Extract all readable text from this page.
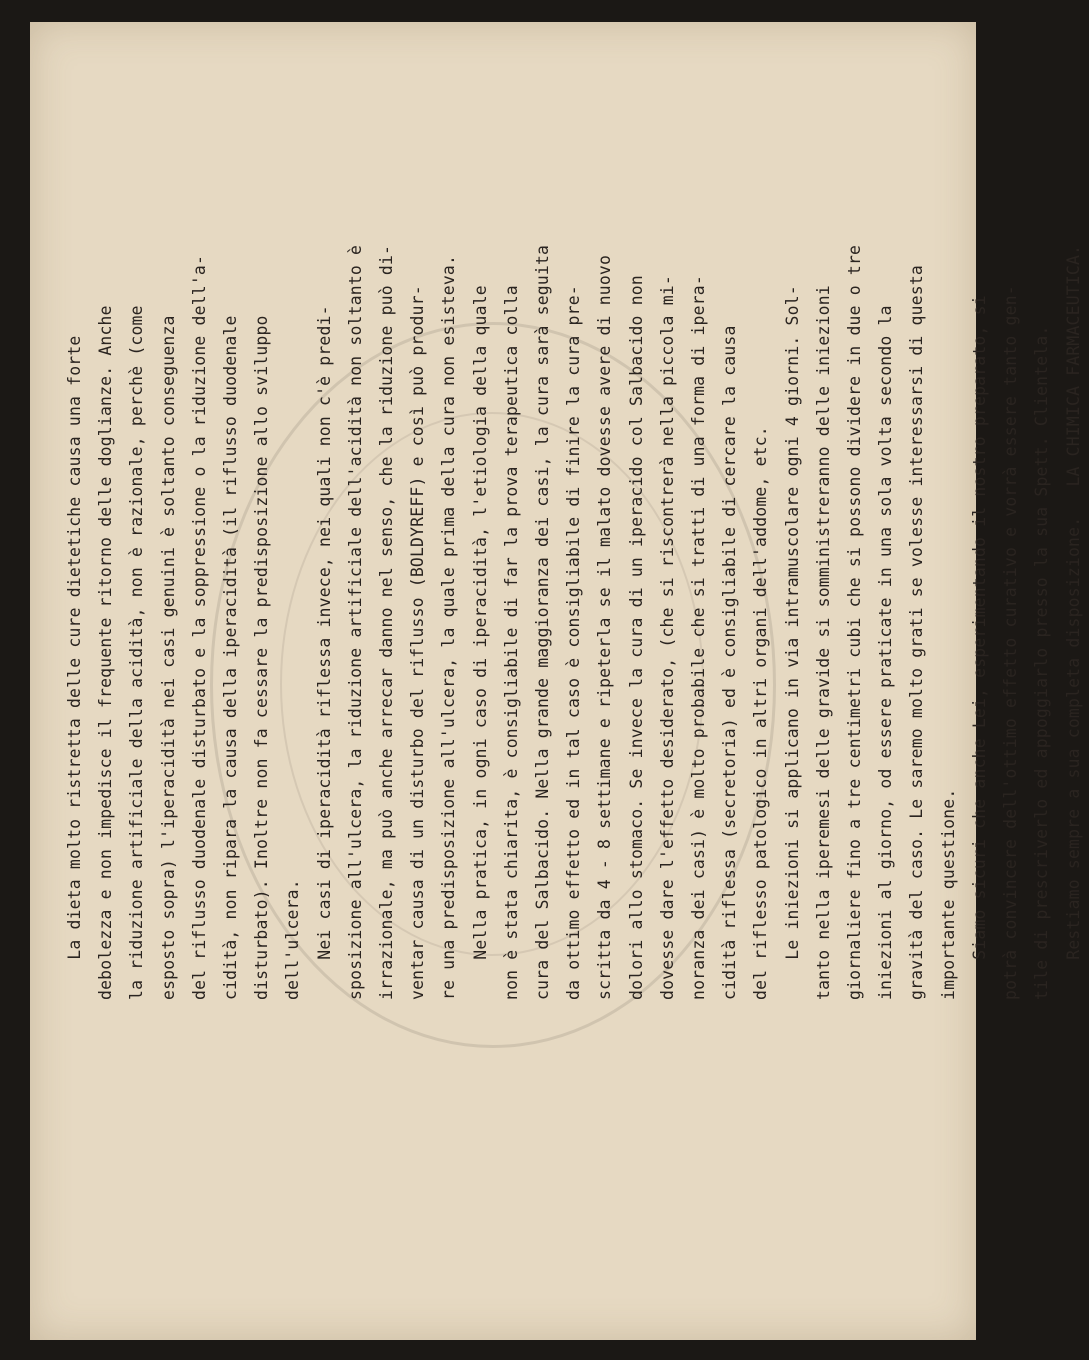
La dieta molto ristretta delle cure dietetiche causa una forte debolezza e non impedisce il frequente ritorno delle doglianze. Anche la riduzione artificiale della acidità, non è razionale, perchè (come esposto sopra) l'iperacidità nei casi genuini è soltanto conseguenza del riflusso duodenale disturbato e la soppressione o la riduzione dell'a- cidità, non ripara la causa della iperacidità (il riflusso duodenale disturbato). Inoltre non fa cessare la predisposizione allo sviluppo dell'ulcera. Nei casi di iperacidità riflessa invece, nei quali non c'è predi- sposizione all'ulcera, la riduzione artificiale dell'acidità non soltanto è irrazionale, ma può anche arrecar danno nel senso, che la riduzione può di- ventar causa di un disturbo del riflusso (BOLDYREFF) e così può produr- re una predisposizione all'ulcera, la quale prima della cura non esisteva. Nella pratica, in ogni caso di iperacidità, l'etiologia della quale non è stata chiarita, è consigliabile di far la prova terapeutica colla cura del Salbacido. Nella grande maggioranza dei casi, la cura sarà seguita da ottimo effetto ed in tal caso è consigliabile di finire la cura pre- scritta da 4 - 8 settimane e ripeterla se il malato dovesse avere di nuovo dolori allo stomaco. Se invece la cura di un iperacido col Salbacido non dovesse dare l'effetto desiderato, (che si riscontrerà nella piccola mi- noranza dei casi) è molto probabile che si tratti di una forma di ipera- cidità riflessa (secretoria) ed è consigliabile di cercare la causa del riflesso patologico in altri organi dell'addome, etc. Le iniezioni si applicano in via intramuscolare ogni 4 giorni. Sol- tanto nella iperemesi delle gravide si somministreranno delle iniezioni giornaliere fino a tre centimetri cubi che si possono dividere in due o tre iniezioni al giorno, od essere praticate in una sola volta secondo la gravità del caso. Le saremo molto grati se volesse interessarsi di questa importante questione. Siamo sicuri che anche Lei, esperimentando il nostro preparato, si potrà convincere dell'ottimo effetto curativo e vorrà essere tanto gen- tile di prescriverlo ed appoggiarlo presso la sua Spett. Clientela. Restiamo sempre a sua completa disposizione.   LA CHIMICA FARMACEUTICA.
